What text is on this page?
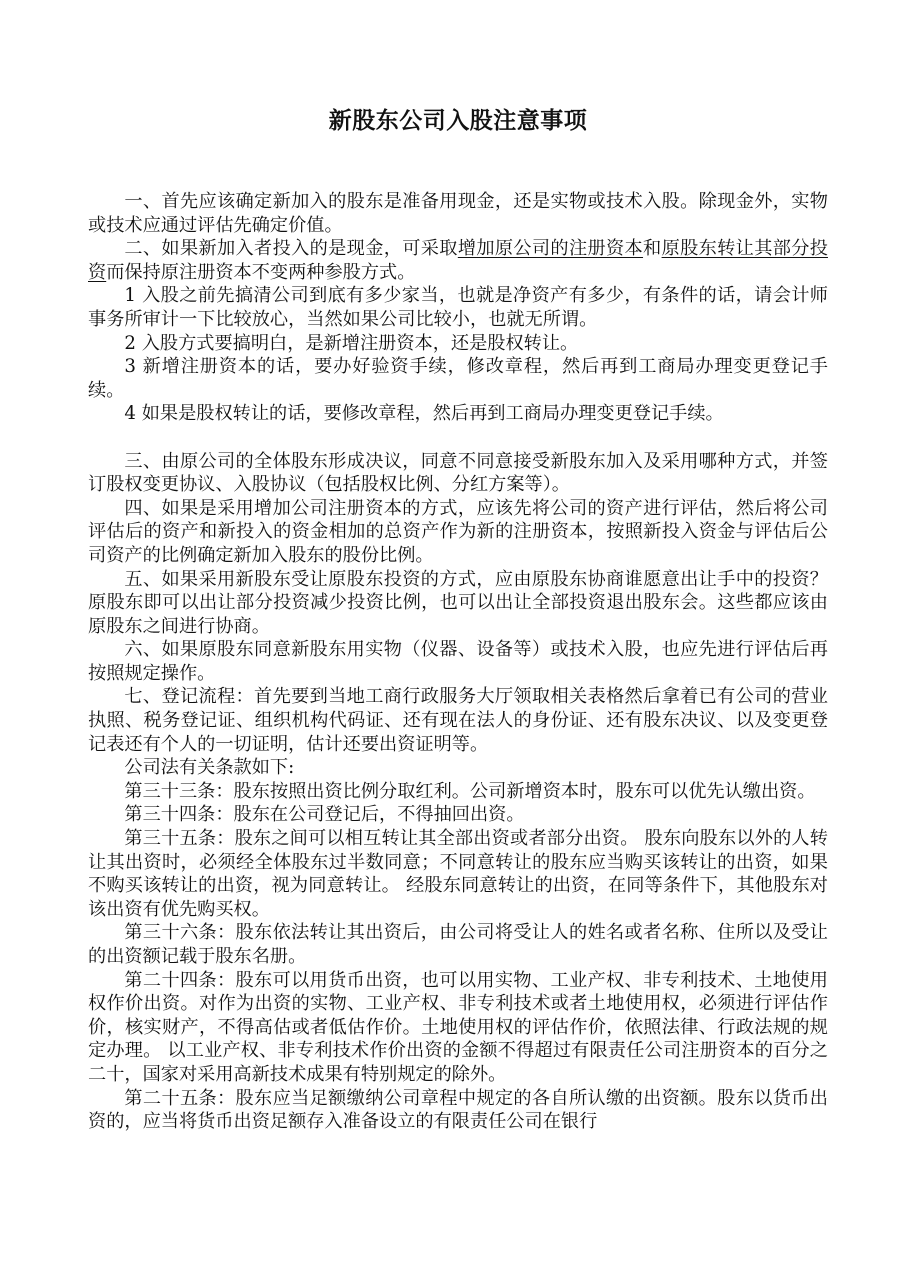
新股东公司入股注意事项

一、首先应该确定新加入的股东是准备用现金，还是实物或技术入股。除现金外，实物或技术应通过评估先确定价值。

二、如果新加入者投入的是现金，可采取增加原公司的注册资本和原股东转让其部分投资而保持原注册资本不变两种参股方式。

1 入股之前先搞清公司到底有多少家当，也就是净资产有多少，有条件的话，请会计师事务所审计一下比较放心，当然如果公司比较小，也就无所谓。

2 入股方式要搞明白，是新增注册资本，还是股权转让。

3 新增注册资本的话，要办好验资手续，修改章程，然后再到工商局办理变更登记手续。

4 如果是股权转让的话，要修改章程，然后再到工商局办理变更登记手续。

三、由原公司的全体股东形成决议，同意不同意接受新股东加入及采用哪种方式，并签订股权变更协议、入股协议（包括股权比例、分红方案等）。

四、如果是采用增加公司注册资本的方式，应该先将公司的资产进行评估，然后将公司评估后的资产和新投入的资金相加的总资产作为新的注册资本，按照新投入资金与评估后公司资产的比例确定新加入股东的股份比例。

五、如果采用新股东受让原股东投资的方式，应由原股东协商谁愿意出让手中的投资？原股东即可以出让部分投资减少投资比例，也可以出让全部投资退出股东会。这些都应该由原股东之间进行协商。

六、如果原股东同意新股东用实物（仪器、设备等）或技术入股，也应先进行评估后再按照规定操作。

七、登记流程：首先要到当地工商行政服务大厅领取相关表格然后拿着已有公司的营业执照、税务登记证、组织机构代码证、还有现在法人的身份证、还有股东决议、以及变更登记表还有个人的一切证明，估计还要出资证明等。

公司法有关条款如下:

第三十三条：股东按照出资比例分取红利。公司新增资本时，股东可以优先认缴出资。

第三十四条：股东在公司登记后，不得抽回出资。

第三十五条：股东之间可以相互转让其全部出资或者部分出资。 股东向股东以外的人转让其出资时，必须经全体股东过半数同意；不同意转让的股东应当购买该转让的出资，如果不购买该转让的出资，视为同意转让。 经股东同意转让的出资，在同等条件下，其他股东对该出资有优先购买权。

第三十六条：股东依法转让其出资后，由公司将受让人的姓名或者名称、住所以及受让的出资额记载于股东名册。

第二十四条：股东可以用货币出资，也可以用实物、工业产权、非专利技术、土地使用权作价出资。对作为出资的实物、工业产权、非专利技术或者土地使用权，必须进行评估作价，核实财产，不得高估或者低估作价。土地使用权的评估作价，依照法律、行政法规的规定办理。 以工业产权、非专利技术作价出资的金额不得超过有限责任公司注册资本的百分之二十，国家对采用高新技术成果有特别规定的除外。

第二十五条：股东应当足额缴纳公司章程中规定的各自所认缴的出资额。股东以货币出资的，应当将货币出资足额存入准备设立的有限责任公司在银行
